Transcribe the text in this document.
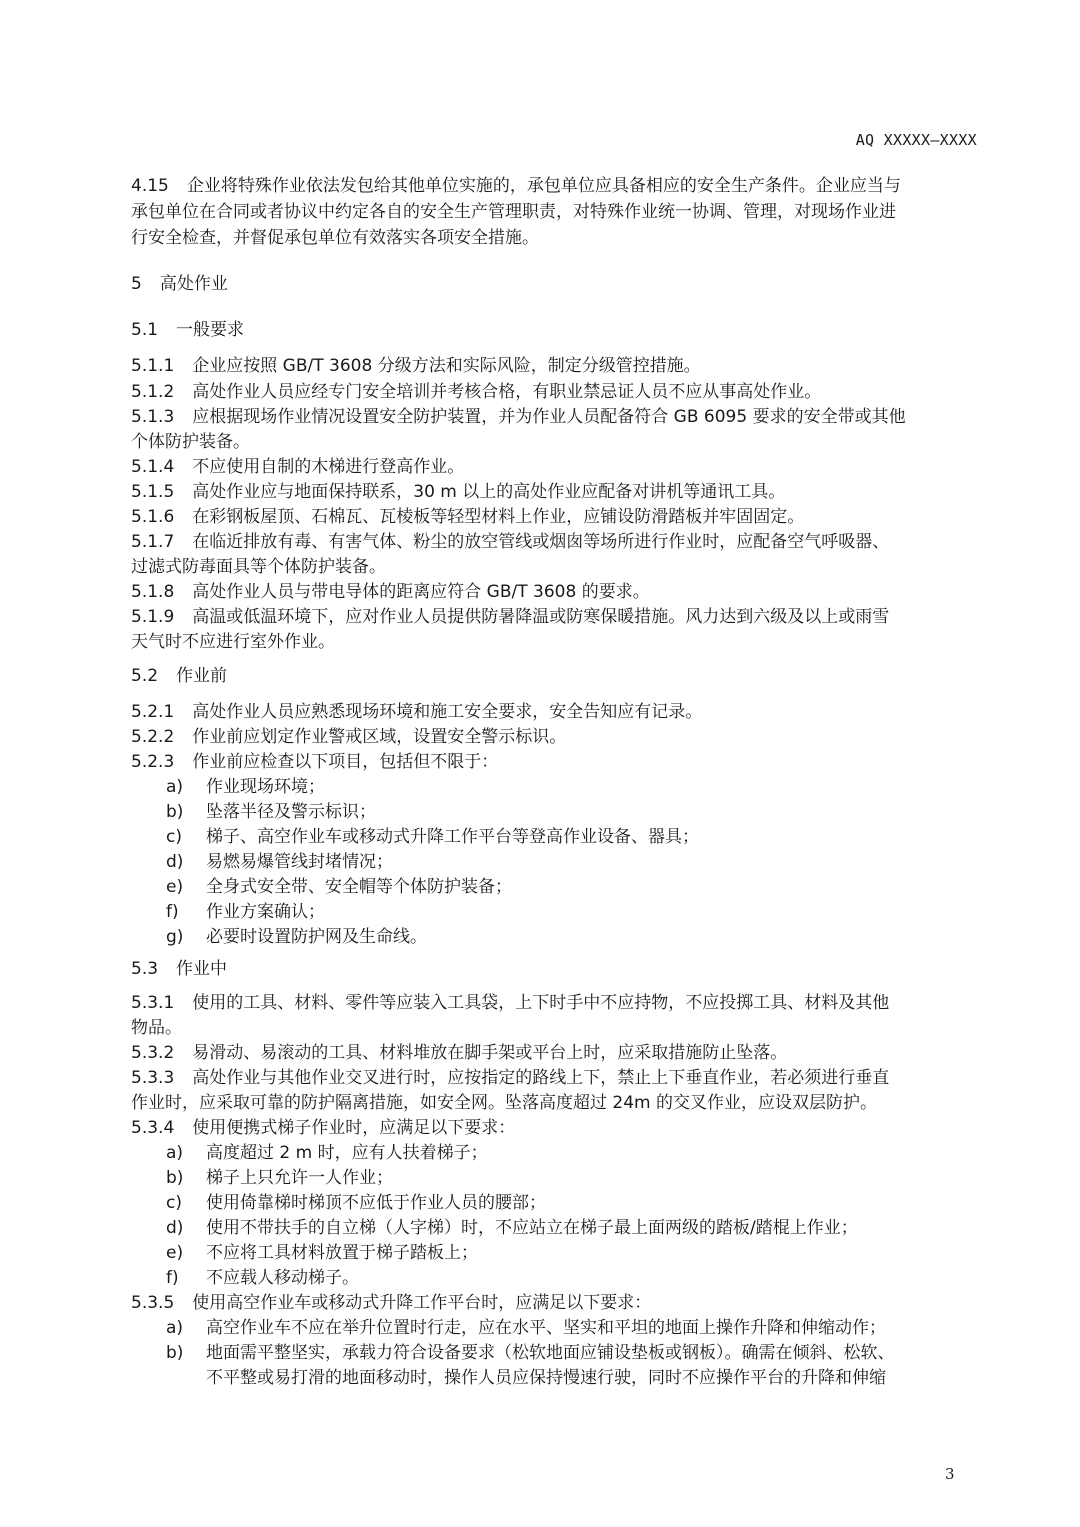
AQ XXXXX—XXXX
4.15 企业将特殊作业依法发包给其他单位实施的，承包单位应具备相应的安全生产条件。企业应当与
承包单位在合同或者协议中约定各自的安全生产管理职责，对特殊作业统一协调、管理，对现场作业进
行安全检查，并督促承包单位有效落实各项安全措施。
5 高处作业
5.1 一般要求
5.1.1 企业应按照 GB/T 3608 分级方法和实际风险，制定分级管控措施。
5.1.2 高处作业人员应经专门安全培训并考核合格，有职业禁忌证人员不应从事高处作业。
5.1.3 应根据现场作业情况设置安全防护装置，并为作业人员配备符合 GB 6095 要求的安全带或其他
个体防护装备。
5.1.4 不应使用自制的木梯进行登高作业。
5.1.5 高处作业应与地面保持联系，30 m 以上的高处作业应配备对讲机等通讯工具。
5.1.6 在彩钢板屋顶、石棉瓦、瓦棱板等轻型材料上作业，应铺设防滑踏板并牢固固定。
5.1.7 在临近排放有毒、有害气体、粉尘的放空管线或烟囱等场所进行作业时，应配备空气呼吸器、
过滤式防毒面具等个体防护装备。
5.1.8 高处作业人员与带电导体的距离应符合 GB/T 3608 的要求。
5.1.9 高温或低温环境下，应对作业人员提供防暑降温或防寒保暖措施。风力达到六级及以上或雨雪
天气时不应进行室外作业。
5.2 作业前
5.2.1 高处作业人员应熟悉现场环境和施工安全要求，安全告知应有记录。
5.2.2 作业前应划定作业警戒区域，设置安全警示标识。
5.2.3 作业前应检查以下项目，包括但不限于：
a) 作业现场环境；
b) 坠落半径及警示标识；
c) 梯子、高空作业车或移动式升降工作平台等登高作业设备、器具；
d) 易燃易爆管线封堵情况；
e) 全身式安全带、安全帽等个体防护装备；
f) 作业方案确认；
g) 必要时设置防护网及生命线。
5.3 作业中
5.3.1 使用的工具、材料、零件等应装入工具袋，上下时手中不应持物，不应投掷工具、材料及其他
物品。
5.3.2 易滑动、易滚动的工具、材料堆放在脚手架或平台上时，应采取措施防止坠落。
5.3.3 高处作业与其他作业交叉进行时，应按指定的路线上下，禁止上下垂直作业，若必须进行垂直
作业时，应采取可靠的防护隔离措施，如安全网。坠落高度超过 24m 的交叉作业，应设双层防护。
5.3.4 使用便携式梯子作业时，应满足以下要求：
a) 高度超过 2 m 时，应有人扶着梯子；
b) 梯子上只允许一人作业；
c) 使用倚靠梯时梯顶不应低于作业人员的腰部；
d) 使用不带扶手的自立梯（人字梯）时，不应站立在梯子最上面两级的踏板/踏棍上作业；
e) 不应将工具材料放置于梯子踏板上；
f) 不应载人移动梯子。
5.3.5 使用高空作业车或移动式升降工作平台时，应满足以下要求：
a) 高空作业车不应在举升位置时行走，应在水平、坚实和平坦的地面上操作升降和伸缩动作；
b) 地面需平整坚实，承载力符合设备要求（松软地面应铺设垫板或钢板）。确需在倾斜、松软、
不平整或易打滑的地面移动时，操作人员应保持慢速行驶，同时不应操作平台的升降和伸缩
3
